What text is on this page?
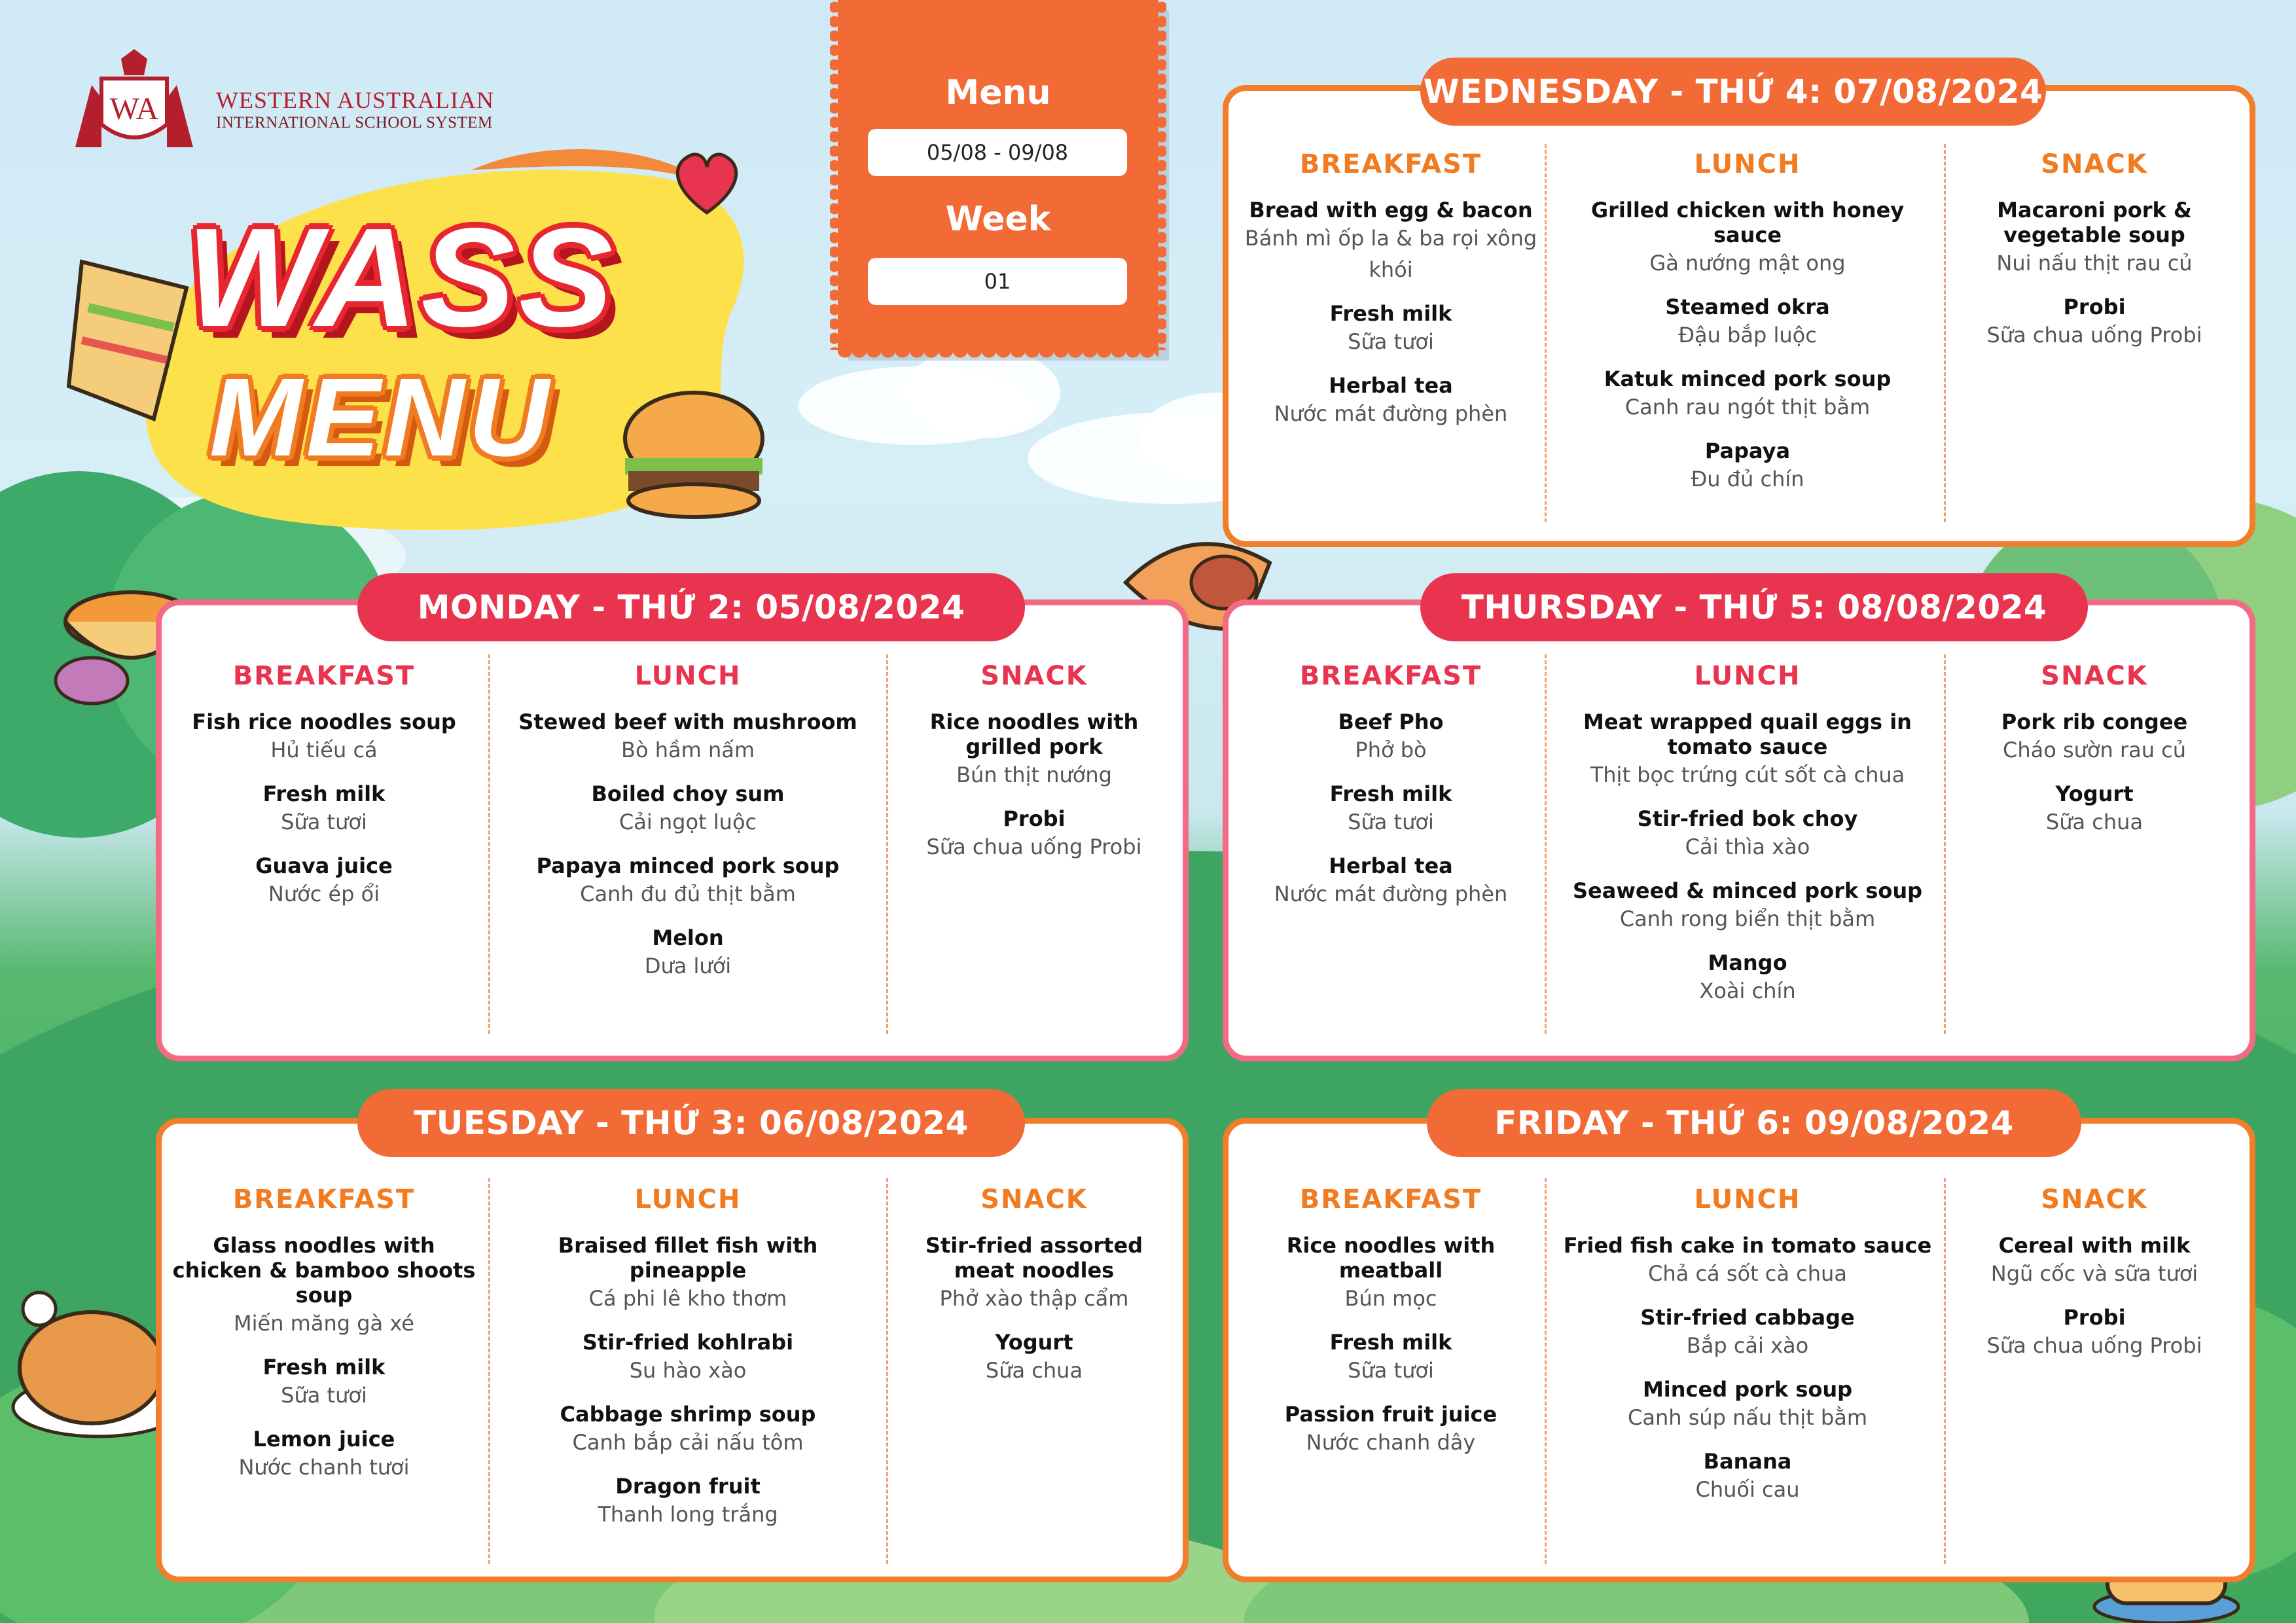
WA WESTERN AUSTRALIAN
INTERNATIONAL SCHOOL SYSTEM
WASS
MENU
Menu
05/08 - 09/08
Week
01
WEDNESDAY - THỨ 4: 07/08/2024
BREAKFAST
Bread with egg & bacon
Bánh mì ốp la & ba rọi xông khói
Fresh milk
Sữa tươi
Herbal tea
Nước mát đường phèn
LUNCH
Grilled chicken with honey sauce
Gà nướng mật ong
Steamed okra
Đậu bắp luộc
Katuk minced pork soup
Canh rau ngót thịt bằm
Papaya
Đu đủ chín
SNACK
Macaroni pork & vegetable soup
Nui nấu thịt rau củ
Probi
Sữa chua uống Probi
MONDAY - THỨ 2: 05/08/2024
BREAKFAST
Fish rice noodles soup
Hủ tiếu cá
Fresh milk
Sữa tươi
Guava juice
Nước ép ổi
LUNCH
Stewed beef with mushroom
Bò hầm nấm
Boiled choy sum
Cải ngọt luộc
Papaya minced pork soup
Canh đu đủ thịt bằm
Melon
Dưa lưới
SNACK
Rice noodles with grilled pork
Bún thịt nướng
Probi
Sữa chua uống Probi
THURSDAY - THỨ 5: 08/08/2024
BREAKFAST
Beef Pho
Phở bò
Fresh milk
Sữa tươi
Herbal tea
Nước mát đường phèn
LUNCH
Meat wrapped quail eggs in tomato sauce
Thịt bọc trứng cút sốt cà chua
Stir-fried bok choy
Cải thìa xào
Seaweed & minced pork soup
Canh rong biển thịt bằm
Mango
Xoài chín
SNACK
Pork rib congee
Cháo sườn rau củ
Yogurt
Sữa chua
TUESDAY - THỨ 3: 06/08/2024
BREAKFAST
Glass noodles with chicken & bamboo shoots soup
Miến măng gà xé
Fresh milk
Sữa tươi
Lemon juice
Nước chanh tươi
LUNCH
Braised fillet fish with pineapple
Cá phi lê kho thơm
Stir-fried kohlrabi
Su hào xào
Cabbage shrimp soup
Canh bắp cải nấu tôm
Dragon fruit
Thanh long trắng
SNACK
Stir-fried assorted meat noodles
Phở xào thập cẩm
Yogurt
Sữa chua
FRIDAY - THỨ 6: 09/08/2024
BREAKFAST
Rice noodles with meatball
Bún mọc
Fresh milk
Sữa tươi
Passion fruit juice
Nước chanh dây
LUNCH
Fried fish cake in tomato sauce
Chả cá sốt cà chua
Stir-fried cabbage
Bắp cải xào
Minced pork soup
Canh súp nấu thịt bằm
Banana
Chuối cau
SNACK
Cereal with milk
Ngũ cốc và sữa tươi
Probi
Sữa chua uống Probi
